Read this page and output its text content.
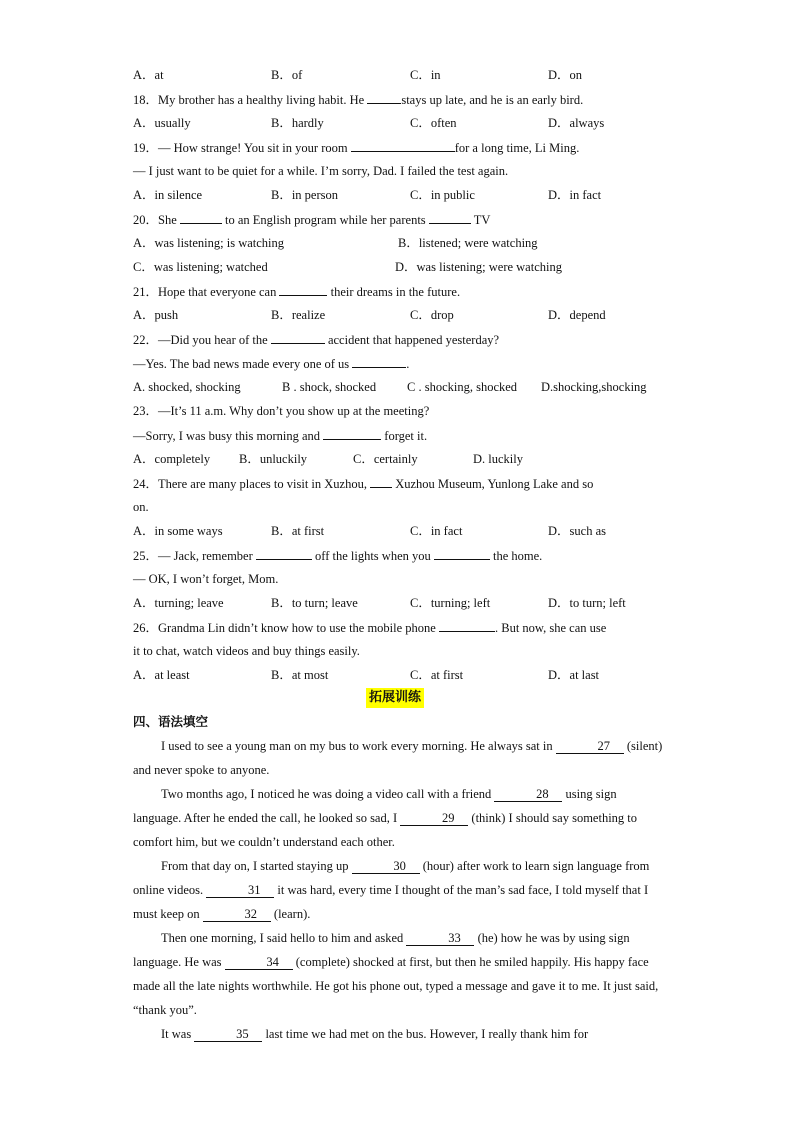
A．at	B．of	C．in	D．on
18．My brother has a healthy living habit. He	stays up late, and he is an early bird.
A．usually	B．hardly	C．often	D．always
19．— How strange! You sit in your room	for a long time, Li Ming.
— I just want to be quiet for a while. I’m sorry, Dad. I failed the test again.
A．in silence	B．in person	C．in public	D．in fact
20．She	to an English program while her parents	TV
A．was listening; is watching	B．listened; were watching
C．was listening; watched	D．was listening; were watching
21．Hope that everyone can	their dreams in the future.
A．push	B．realize	C．drop	D．depend
22．—Did you hear of the	accident that happened yesterday?
—Yes. The bad news made every one of us	.
A. shocked, shocking	B . shock, shocked C . shocking, shocked D.shocking,shocking
23．—It’s 11 a.m. Why don’t you show up at the meeting?
—Sorry, I was busy this morning and	forget it.
A．completely B．unluckily	C．certainly	D. luckily
24．There are many places to visit in Xuzhou,  Xuzhou Museum, Yunlong Lake and so
on.
A．in some ways	B．at first	C．in fact	D．such as
25．— Jack, remember	off the lights when you	the home.
— OK, I won’t forget, Mom.
A．turning; leave	B．to turn; leave	C．turning; left	D．to turn; left
26．Grandma Lin didn’t know how to use the mobile phone	. But now, she can use
it to chat, watch videos and buy things easily.
A．at least	B．at most	C．at first	D．at last
拓展训练
四、语法填空
I used to see a young man on my bus to work every morning. He always sat in	27 (silent) and never spoke to anyone.
Two months ago, I noticed he was doing a video call with a friend	28 using sign language. After he ended the call, he looked so sad, I	29 (think) I should say something to comfort him, but we couldn’t understand each other.
From that day on, I started staying up	30 (hour) after work to learn sign language from online videos.	31 it was hard, every time I thought of the man’s sad face, I told myself that I must keep on	32 (learn).
Then one morning, I said hello to him and asked	33 (he) how he was by using sign language. He was	34 (complete) shocked at first, but then he smiled happily. His happy face made all the late nights worthwhile. He got his phone out, typed a message and gave it to me. It just said, “thank you”.
It was	35 last time we had met on the bus. However, I really thank him for
